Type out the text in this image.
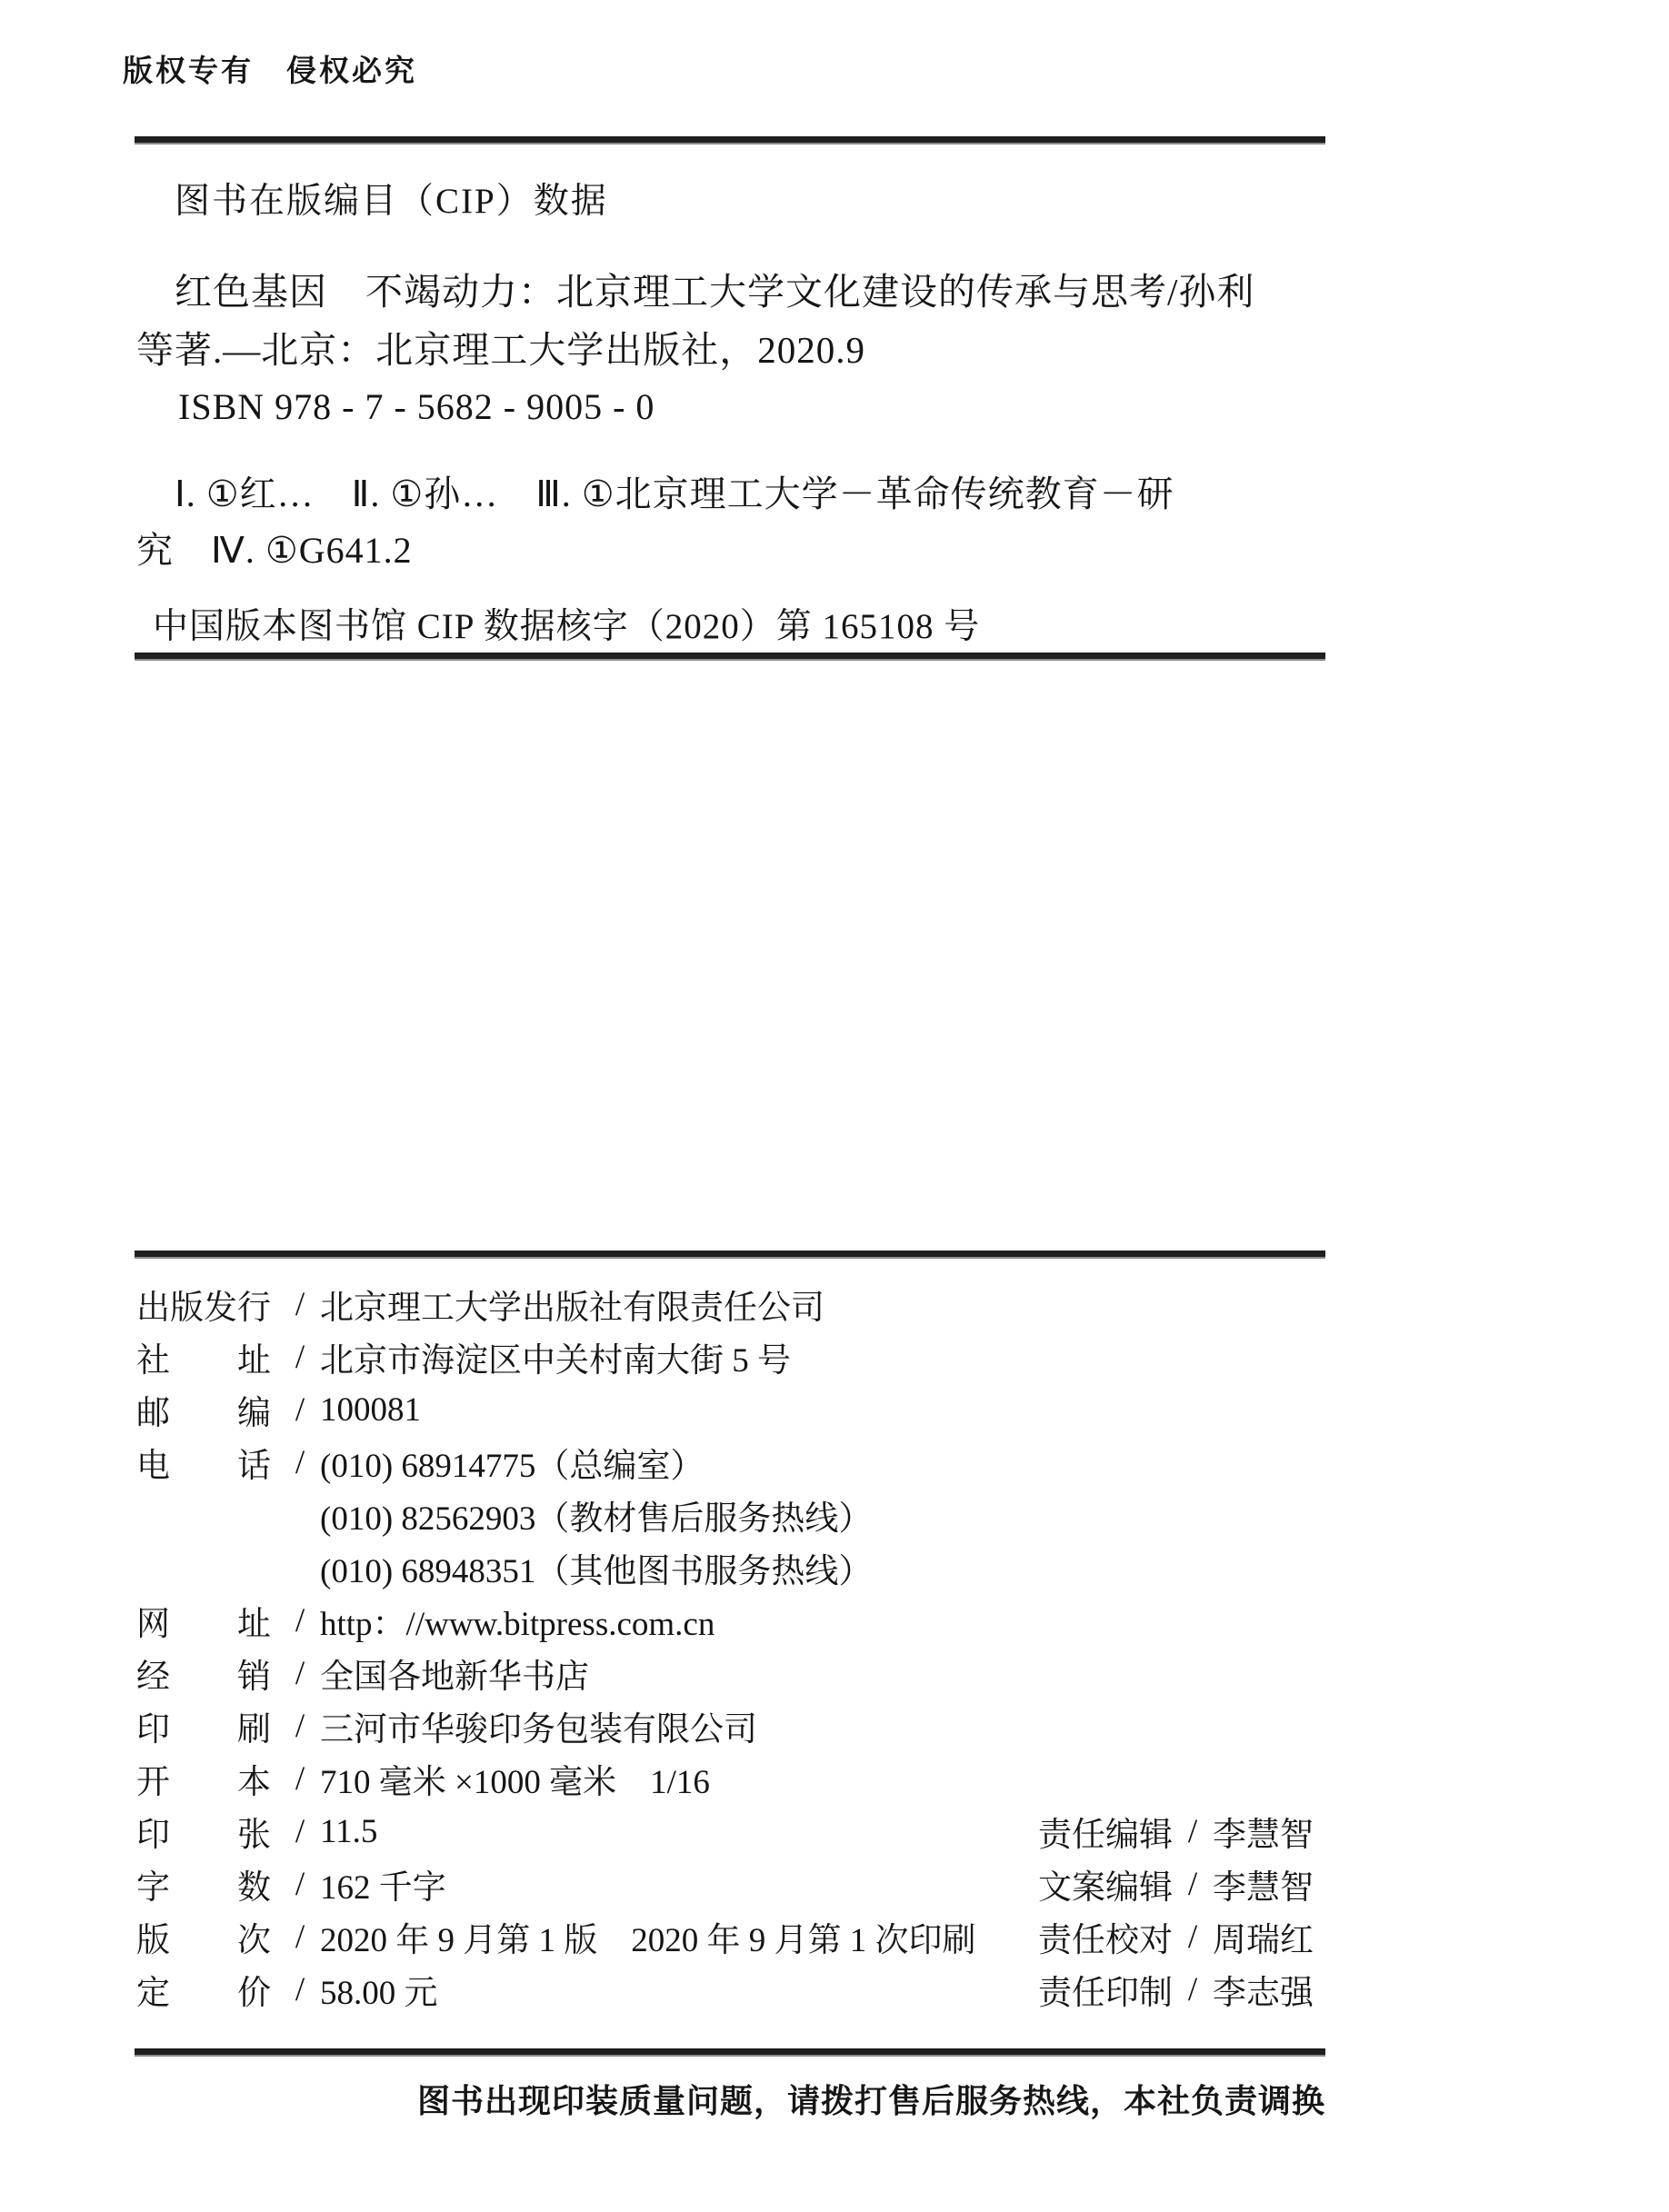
版权专有　侵权必究
图书在版编目（CIP）数据
红色基因　不竭动力：北京理工大学文化建设的传承与思考/孙利
等著.—北京：北京理工大学出版社，2020.9
ISBN 978 - 7 - 5682 - 9005 - 0
Ⅰ. ①红…　Ⅱ. ①孙…　Ⅲ. ①北京理工大学－革命传统教育－研
究　Ⅳ. ①G641.2
中国版本图书馆 CIP 数据核字（2020）第 165108 号
出版发行 / 北京理工大学出版社有限责任公司
社　　址 / 北京市海淀区中关村南大街 5 号
邮　　编 / 100081
电　　话 / (010) 68914775（总编室）
(010) 82562903（教材售后服务热线）
(010) 68948351（其他图书服务热线）
网　　址 / http：//www.bitpress.com.cn
经　　销 / 全国各地新华书店
印　　刷 / 三河市华骏印务包装有限公司
开　　本 / 710 毫米 ×1000 毫米　1/16
印　　张 / 11.5
字　　数 / 162 千字
版　　次 / 2020 年 9 月第 1 版　2020 年 9 月第 1 次印刷
定　　价 / 58.00 元
责任编辑 / 李慧智
文案编辑 / 李慧智
责任校对 / 周瑞红
责任印制 / 李志强
图书出现印装质量问题，请拨打售后服务热线，本社负责调换
